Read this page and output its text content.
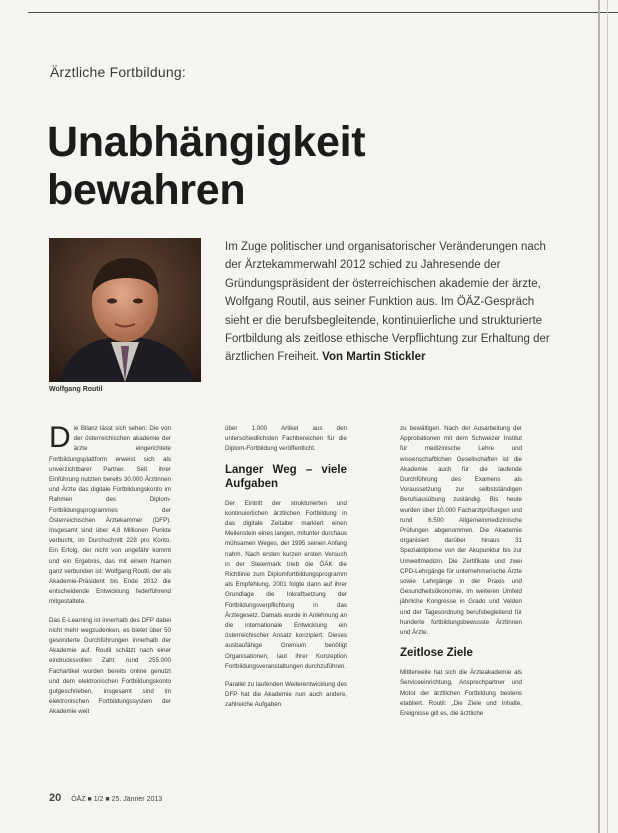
Ärztliche Fortbildung:
Unabhängigkeit
bewahren
Wolfgang Routil
Im Zuge politischer und organisatorischer Veränderungen nach der Ärztekammerwahl 2012 schied zu Jahresende der Gründungspräsident der österreichischen akademie der ärzte, Wolfgang Routil, aus seiner Funktion aus. Im ÖÄZ-Gespräch sieht er die berufsbegleitende, kontinuierliche und strukturierte Fortbildung als zeitlose ethische Verpflichtung zur Erhaltung der ärztlichen Freiheit. Von Martin Stickler

Die Bilanz lässt sich sehen: Die von der österreichischen akademie der ärzte eingerichtete Fortbildungsplattform erweist sich als unverzichtbarer Partner. Seit ihrer Einführung nutzten bereits 30.000 Ärztinnen und Ärzte das digitale Fortbildungskonto im Rahmen des Diplom-Fortbildungsprogrammes der Österreichischen Ärztekammer (DFP). Insgesamt sind über 4,8 Millionen Punkte verbucht, im Durchschnitt 228 pro Konto. Ein Erfolg, der nicht von ungefähr kommt und ein Ergebnis, das mit einem Namen ganz verbunden ist: Wolfgang Routil, der als Akademie-Präsident bis Ende 2012 die entscheidende Entwicklung federführend mitgestaltete.

Das E-Learning ist innerhalb des DFP dabei nicht mehr wegzudenken, es bietet über 50 gesonderte Durchführungen innerhalb der Akademie auf. Routil schätzt nach einer eindrucksvollen Zahl: rund 255.000 Fachartikel wurden bereits online genutzt und dem elektronischen Fortbildungskonto gutgeschrieben, insgesamt sind im elektronischen Fortbildungssystem der Akademie weit

über 1.000 Artikel aus den unterschiedlichsten Fachbereichen für die Diplom-Fortbildung veröffentlicht.

Langer Weg – viele Aufgaben

Der Eintritt der strukturierten und kontinuierlichen ärztlichen Fortbildung in das digitale Zeitalter markiert einen Meilenstein eines langen, mitunter durchaus mühsamen Weges, der 1995 seinen Anfang nahm. Nach ersten kurzen ersten Versuch in der Steiermark trieb die ÖÄK die Richtlinie zum Diplomfortbildungsprogramm als Empfehlung, 2001 folgte dann auf ihrer Grundlage die Inkraftsetzung der Fortbildungsverpflichtung in das Ärztegesetz. Damals wurde in Anlehnung an die internationale Entwicklung ein österreichischer Ansatz konzipiert. Dieses ausbaufähige Gremium benötigt Organisationen, laut ihrer Konzeption Fortbildungsveranstaltungen durchzuführen.

Parallel zu laufenden Weiterentwicklung des DFP hat die Akademie nun auch andere, zahlreiche Aufgaben

zu bewältigen. Nach der Ausarbeitung der Approbationen mit dem Schweizer Institut für medizinische Lehre und wissenschaftlichen Gesellschaften ist die Akademie auch für die laufende Durchführung des Examens als Voraussetzung zur selbstständigen Berufsausübung zuständig. Bis heute wurden über 10.000 Facharztprüfungen und rund 6.500 Allgemeinmedizinische Prüfungen abgenommen. Die Akademie organisiert darüber hinaus 31 Spezialdiplome von der Akupunktur bis zur Umweltmedizin. Die Zertifikate und zwei CPD-Lehrgänge für unternehmerische Ärzte sowie Lehrgänge in der Praxis und Gesundheitsökonomie, im weiteren Umfeld jährliche Kongresse in Grado und Velden und der Tagesordnung berufsbegleitend für hunderte fortbildungsbewusste Ärztinnen und Ärzte.

Zeitlose Ziele

Mittlerweile hat sich die Ärzteakademie als Serviceeinrichtung, Ansprechpartner und Motor der ärztlichen Fortbildung bestens etabliert. Routil: „Die Ziele und Inhalte, Ereignisse gilt es, die ärztliche

20 ÖÄZ ■ 1/2 ■ 25. Jänner 2013
